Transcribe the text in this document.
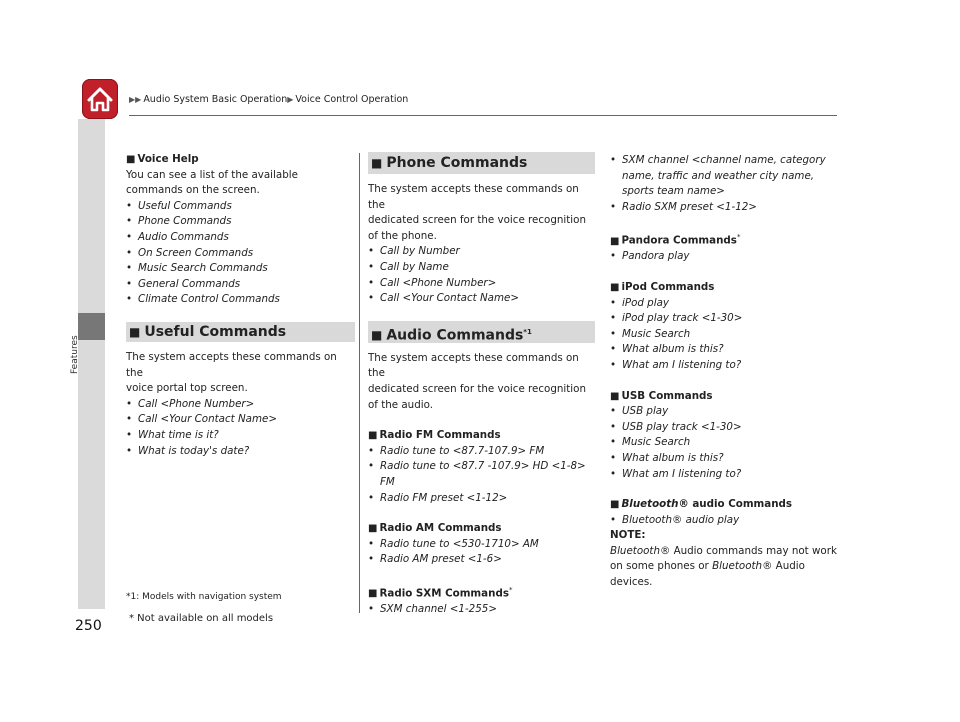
▶▶ Audio System Basic Operation▶ Voice Control Operation
Features
250	* Not available on all models
■ Voice Help
You can see a list of the available
commands on the screen.
• Useful Commands
• Phone Commands
• Audio Commands
• On Screen Commands
• Music Search Commands
• General Commands
• Climate Control Commands
■ Useful Commands
The system accepts these commands on the
voice portal top screen.
• Call <Phone Number>
• Call <Your Contact Name>
• What time is it?
• What is today's date?
*1: Models with navigation system
■ Phone Commands
The system accepts these commands on the
dedicated screen for the voice recognition
of the phone.
• Call by Number
• Call by Name
• Call <Phone Number>
• Call <Your Contact Name>
■ Audio Commands$^{*1}$
The system accepts these commands on the
dedicated screen for the voice recognition
of the audio.
■ Radio FM Commands
• Radio tune to <87.7-107.9> FM
• Radio tune to <87.7 -107.9> HD <1-8>
FM
• Radio FM preset <1-12>
■ Radio AM Commands
• Radio tune to <530-1710> AM
• Radio AM preset <1-6>
■ Radio SXM Commands*
• SXM channel <1-255>
• SXM channel <channel name, category
name, traffic and weather city name,
sports team name>
• Radio SXM preset <1-12>
■ Pandora Commands*
• Pandora play
■ iPod Commands
• iPod play
• iPod play track <1-30>
• Music Search
• What album is this?
• What am I listening to?
■ USB Commands
• USB play
• USB play track <1-30>
• Music Search
• What album is this?
• What am I listening to?
■ Bluetooth® audio Commands
• Bluetooth® audio play
NOTE:
Bluetooth® Audio commands may not work
on some phones or Bluetooth® Audio
devices.
